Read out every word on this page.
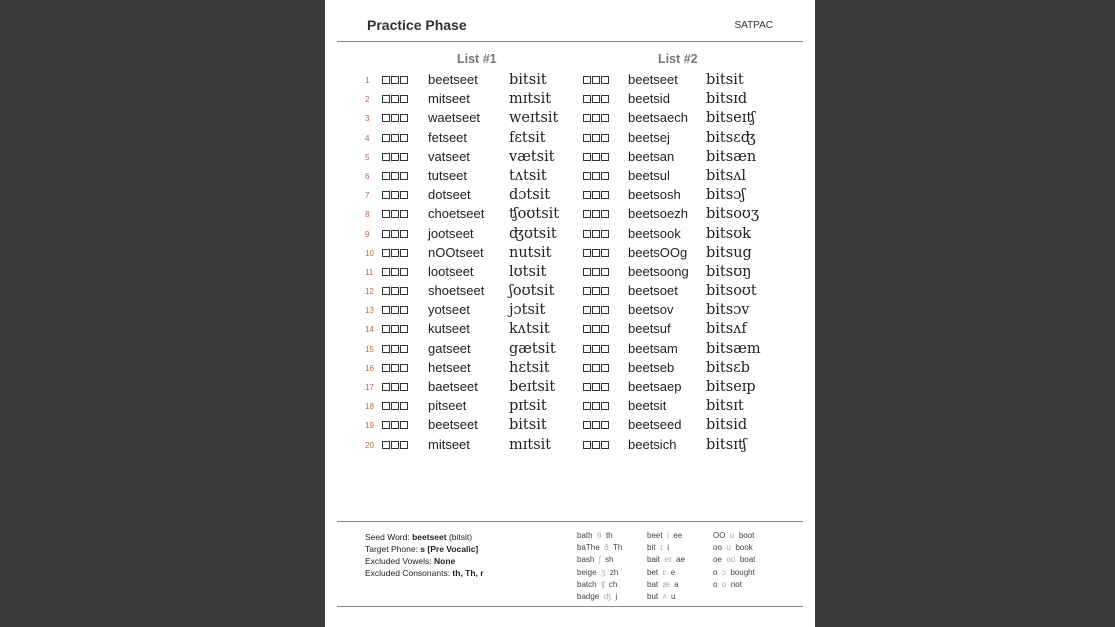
Practice Phase	SATPAC
List #1	List #2
1	beetseet bitsit	beetseet bitsit
2	mitseet	mɪtsit	beetsid bitsɪd
3	waetseet weɪtsit	beetsaech bitseɪʧ
4	fetseet	fɛtsit	beetsej bitsɛʤ
5	vatseet	vætsit	beetsan bitsæn
6	tutseet	tʌtsit	beetsul bitsʌl
7	dotseet	dɔtsit	beetsosh bitsɔʃ
8	choetseet ʧoʊtsit	beetsoezh bitsoʊʒ
9	jootseet ʤʊtsit	beetsook bitsʊk
10	nOOtseet nutsit	beetsOOg bitsug
11	lootseet lʊtsit	beetsoong bitsʊŋ
12	shoetseet ʃoʊtsit	beetsoet bitsoʊt
13	yotseet	jɔtsit	beetsov bitsɔv
14	kutseet	kʌtsit	beetsuf bitsʌf
15	gatseet	gætsit	beetsam bitsæm
16	hetseet	hɛtsit	beetseb bitsɛb
17	baetseet beɪtsit	beetsaep bitseɪp
18	pitseet	pɪtsit	beetsit	bitsɪt
19	beetseet bitsit	beetseed bitsid
20	mitseet	mɪtsit	beetsich bitsɪʧ
Seed Word: beetseet (bitsit)
Target Phone: s [Pre Vocalic]
Excluded Vowels: None
Excluded Consonants: th, Th, r
bath θ th
baThe ð Th
bash ʃ sh
beige ʒ zh
batch ʧ ch
badge ʤ j
beet i ee
bit ɪ i
bait eɪ ae
bet ɛ e
bat æ a
but ʌ u
OO u boot
oo ʊ book
oe oʊ boat
o ɔ bought
o ɑ not
